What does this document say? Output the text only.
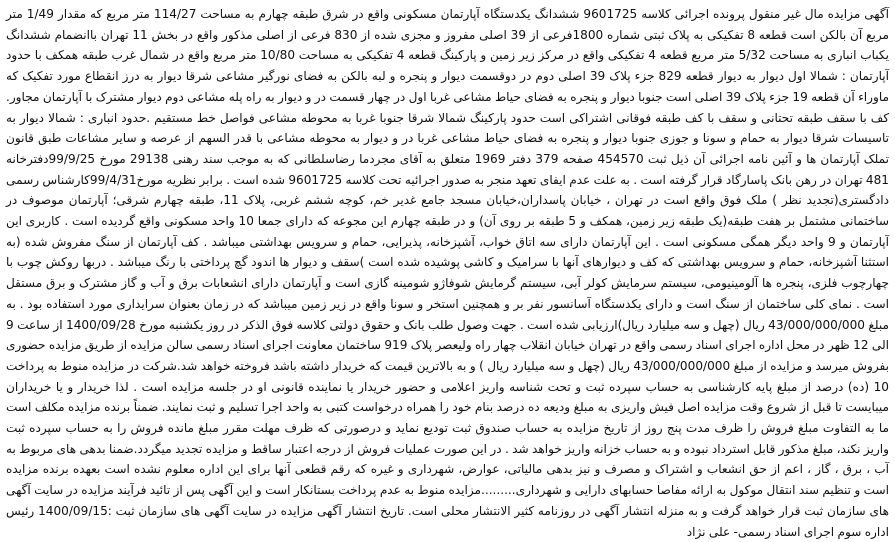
آگهی مزایده مال غیر منقول پرونده اجرائی کلاسه 9601725 ششدانگ یکدستگاه آپارتمان مسکونی واقع در شرق طبقه چهارم به مساحت 114/27 متر مربع که مقدار 1/49 متر مربع آن بالکن است قطعه 8 تفکیکی به پلاک ثبتی شماره 1800فرعی از 39 اصلی مفروز و مجزی شده از 830 فرعی از اصلی مذکور واقع در بخش 11 تهران باانضمام ششدانگ یکباب انباری به مساحت 5/32 متر مربع قطعه 4 تفکیکی واقع در مرکز زیر زمین و پارکینگ قطعه 4 تفکیکی به مساحت 10/80 متر مربع واقع در شمال غرب طبقه همکف با حدود آپارتمان : شمالا اول دیوار به دیوار قطعه 829 جزء پلاک 39 اصلی دوم در دوقسمت دیوار و پنجره و لبه بالکن به فضای نورگیر مشاعی شرقا دیوار به درز انقطاع مورد تفکیک که ماوراء آن قطعه 19 جزء پلاک 39 اصلی است جنوبا دیوار و پنجره به فضای حیاط مشاعی غربا اول در چهار قسمت در و دیوار به راه پله مشاعی دوم دیوار مشترک با آپارتمان مجاور. کف با سقف طبقه تحتانی و سقف با کف طبقه فوقانی اشتراکی است حدود پارکینگ شمالا شرقا جنوبا غربا به محوطه مشاعی فواصل خط مستقیم .حدود انباری : شمالا دیوار به تاسیسات شرقا دیوار به حمام و سونا و جوزی جنوبا دیوار و پنجره به فضای حیاط مشاعی غربا در و دیوار به محوطه مشاعی با قدر السهم از عرصه و سایر مشاعات طبق قانون تملک آپارتمان ها و آئین نامه اجرائی آن ذیل ثبت 454570 صفحه 379 دفتر 1969 متعلق به آقای مجردما رضاسلطانی که به موجب سند رهنی 29138 مورخ 99/9/25دفترخانه 481 تهران در رهن بانک پاسارگاد قرار گرفته است . به علت عدم ایفای تعهد منجر به صدور اجرائیه تحت کلاسه 9601725 شده است . برابر نظریه مورخ99/4/31کارشناس رسمی دادگستری(تجدید نظر ) ملک فوق واقع است در تهران ، خیابان پاسداران،خیابان مسجد جامع غدیر خم، کوچه ششم غربی، پلاک 11، طبقه چهارم شرقی؛ آپارتمان موصوف در ساختمانی مشتمل بر هفت طبقه(یک طبقه زیر زمین، همکف و 5 طبقه بر روی آن) و در طبقه چهارم این مجوعه که دارای جمعا 10 واحد مسکونی واقع گردیده است . کاربری این آپارتمان و 9 واحد دیگر همگی مسکونی است . این آپارتمان دارای سه اتاق خواب، آشپزخانه، پذیرایی، حمام و سرویس بهداشتی میباشد . کف آپارتمان از سنگ مفروش شده (به استثنا آشپزخانه، حمام و سرویس بهداشتی که کف و دیوارهای آنها با سرامیک و کاشی پوشیده شده است )سقف و دیوار ها اندود گچ پرداختی با رنگ میباشد . دربها روکش چوب با چهارچوب فلزی، پنجره ها آلومینیومی، سیستم سرمایش کولر آبی، سیستم گرمایش شوفاژو شومینه گازی است و آپارتمان دارای انشعابات برق و آب و گاز مشترک و برق مستقل است . نمای کلی ساختمان از سنگ است و دارای یکدستگاه آسانسور نفر بر و همچنین استخر و سونا واقع در زیر زمین میباشد که در زمان بعنوان سرایداری مورد استفاده بود . به مبلغ 43/000/000/000 ریال (چهل و سه میلیارد ریال)ارزیابی شده است . جهت وصول طلب بانک و حقوق دولتی کلاسه فوق الذکر در روز یکشنبه مورخ 1400/09/28 از ساعت 9 الی 12 ظهر در محل اداره اجرای اسناد رسمی واقع در تهران خیابان انقلاب چهار راه ولیعصر پلاک 919 ساختمان معاونت اجرای اسناد رسمی سالن مزایده از طریق مزایده حضوری بفروش میرسد و مزایده از مبلغ 43/000/000/000 ریال (چهل و سه میلیارد ریال ) و به بالاترین قیمت که خریدار داشته باشد فروخته خواهد شد.شرکت در مزایده منوط به پرداخت 10 (ده) درصد از مبلغ پایه کارشناسی به حساب سپرده ثبت و تحت شناسه واریز اعلامی و حضور خریدار یا نماینده قانونی او در جلسه مزایده است . لذا خریدار و یا خریداران میبایست تا قبل از شروع وقت مزایده اصل فیش واریزی به مبلغ ودیعه ده درصد بنام خود را همراه درخواست کتبی به واحد اجرا تسلیم و ثبت نمایند. ضمناً برنده مزایده مکلف است ما به التفاوت مبلغ فروش را ظرف مدت پنج روز از تاریخ مزایده به حساب صندوق ثبت تودیع نماید و درصورتی که ظرف مهلت مقرر مبلغ مانده فروش را به حساب سپرده ثبت واریز نکند، مبلغ مذکور قابل استرداد نبوده و به حساب خزانه واریز خواهد شد . در این صورت عملیات فروش از درجه اعتبار ساقط و مزایده تجدید میگردد.ضمنا بدهی های مربوط به آب ، برق ، گاز ، اعم از حق انشعاب و اشتراک و مصرف و نیز بدهی مالیاتی، عوارض، شهرداری و غیره که رقم قطعی آنها برای این اداره معلوم نشده است بعهده برنده مزایده است و تنظیم سند انتقال موکول به ارائه مفاصا حسابهای دارایی و شهرداری.........مزایده منوط به عدم پرداخت بستانکار است و این آگهی پس از تائید فرآیند مزایده در سایت آگهی های سازمان ثبت قرار خواهد گرفت و به منزله انتشار آگهی در روزنامه کثیر الانتشار محلی است. تاریخ انتشار آگهی مزایده در سایت آگهی های سازمان ثبت :1400/09/15 رئیس اداره سوم اجرای اسناد رسمی- علی نژاد
